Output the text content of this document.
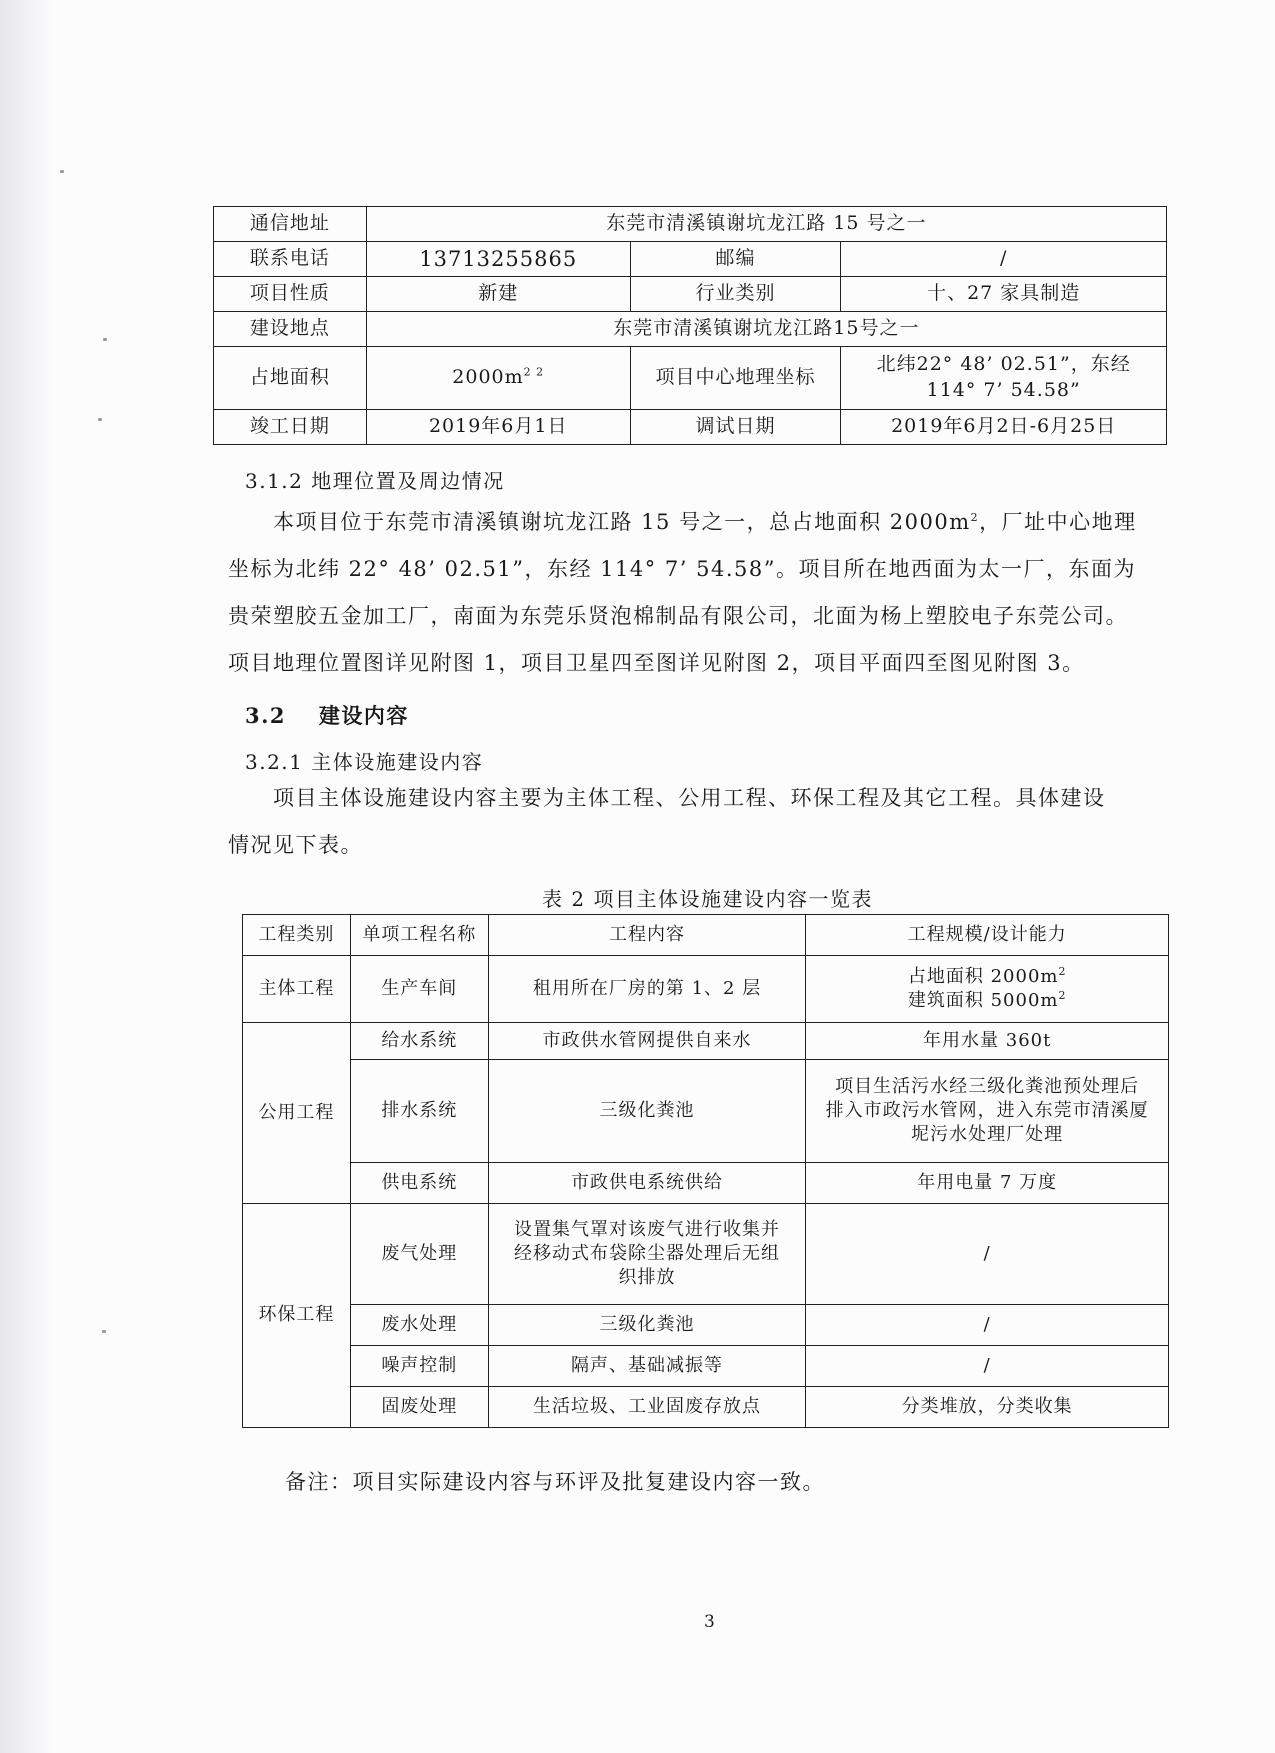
通信地址	东莞市清溪镇谢坑龙江路 15 号之一		
联系电话	13713255865	邮编	/
项目性质	新建	行业类别	十、27 家具制造
建设地点	东莞市清溪镇谢坑龙江路15号之一		
占地面积	$2000m^{2 2}$	项目中心地理坐标	北纬22° 48’ 02.51”，东经
114° 7’ 54.58”

竣工日期	2019年6月1日	调试日期	2019年6月2日-6月25日
3.1.2 地理位置及周边情况
本项目位于东莞市清溪镇谢坑龙江路 15 号之一，总占地面积 $2000m^2$，厂址中心地理
坐标为北纬 22° 48’ 02.51”，东经 114° 7’ 54.58”。项目所在地西面为太一厂，东面为
贵荣塑胶五金加工厂，南面为东莞乐贤泡棉制品有限公司，北面为杨上塑胶电子东莞公司。
项目地理位置图详见附图 1，项目卫星四至图详见附图 2，项目平面四至图见附图 3。
3.2 建设内容
3.2.1 主体设施建设内容
项目主体设施建设内容主要为主体工程、公用工程、环保工程及其它工程。具体建设
情况见下表。
表 2 项目主体设施建设内容一览表
工程类别	单项工程名称	工程内容	工程规模/设计能力
主体工程	生产车间	租用所在厂房的第 1、2 层	占地面积 $2000m^2$
建筑面积 $5000m^2$

公用工程	给水系统	市政供水管网提供自来水	年用水量 360t
	排水系统	三级化粪池	项目生活污水经三级化粪池预处理后
排入市政污水管网，进入东莞市清溪厦
坭污水处理厂处理

	供电系统	市政供电系统供给	年用电量 7 万度
环保工程	废气处理	设置集气罩对该废气进行收集并
经移动式布袋除尘器处理后无组
织排放	/
	废水处理	三级化粪池	/
	噪声控制	隔声、基础减振等	/
	固废处理	生活垃圾、工业固废存放点	分类堆放，分类收集
备注：项目实际建设内容与环评及批复建设内容一致。
3
